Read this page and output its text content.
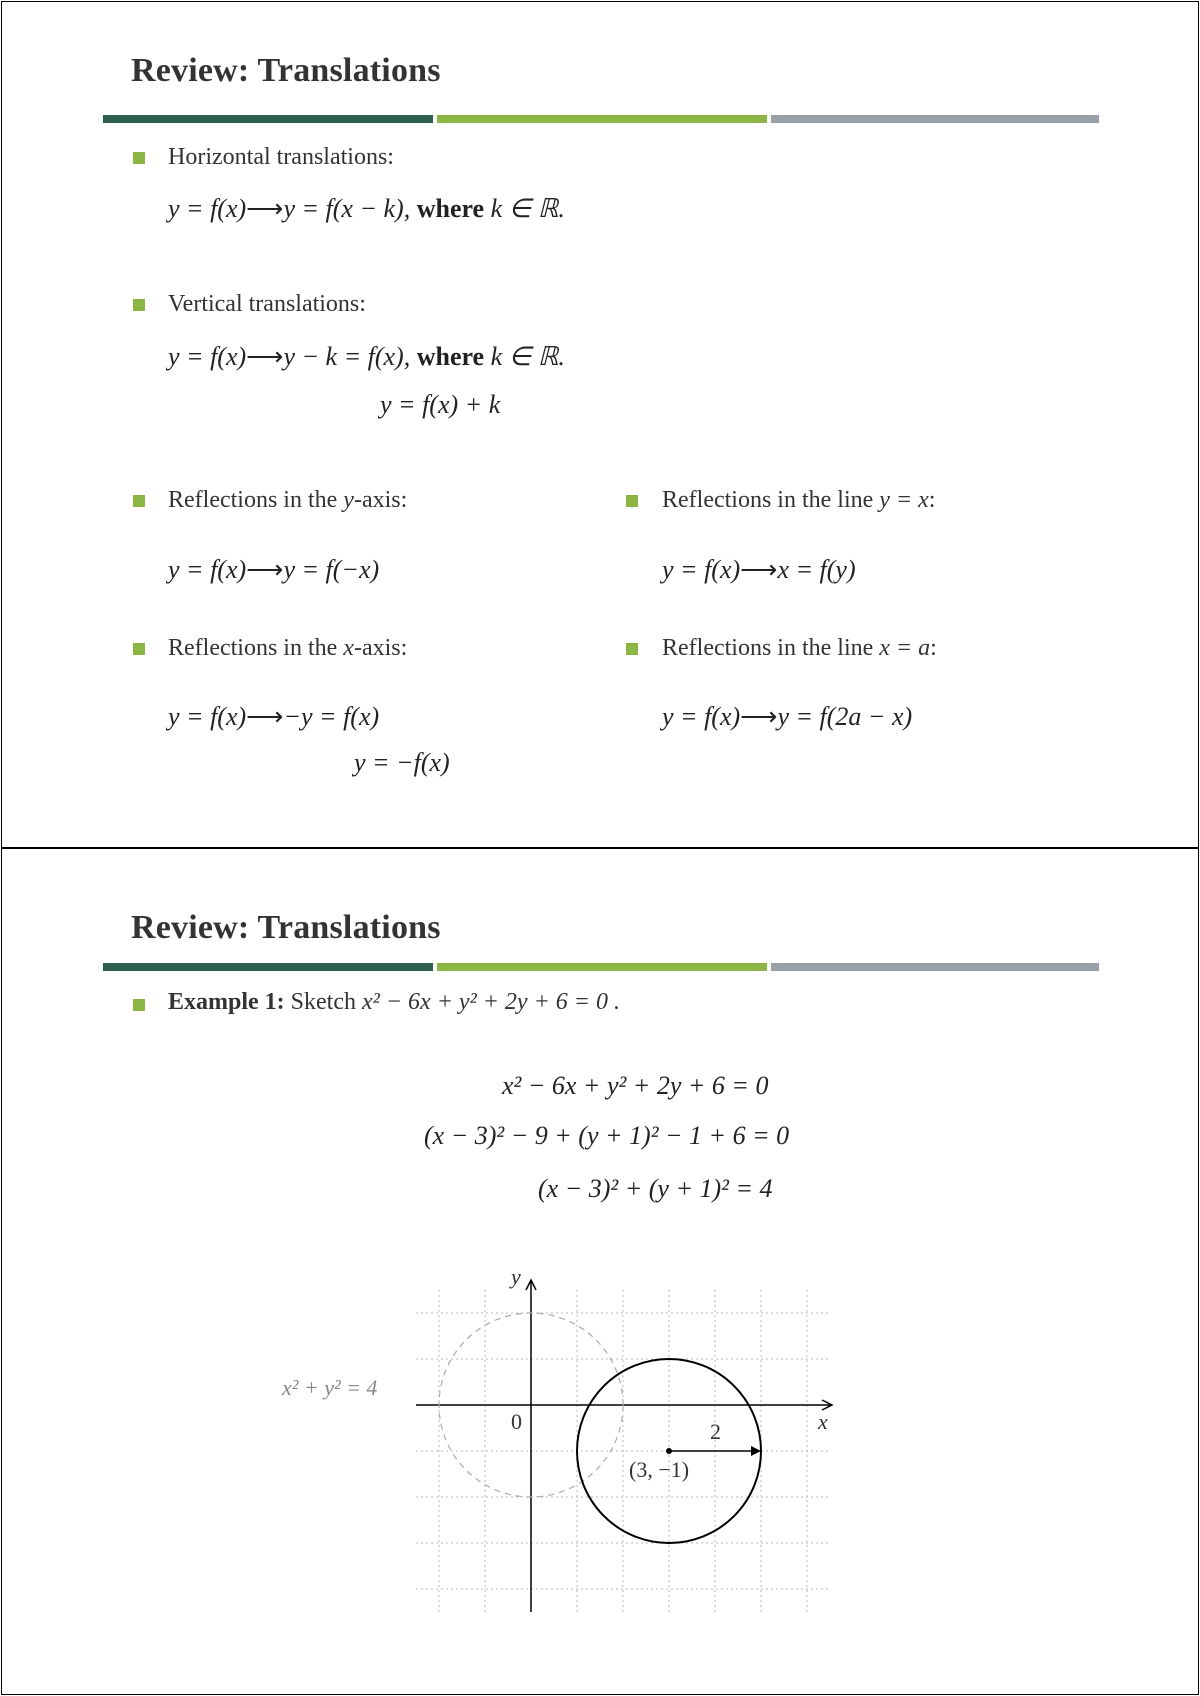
Review: Translations
Horizontal translations:
y = f(x)⟶y = f(x − k), where k ∈ ℝ.
Vertical translations:
y = f(x)⟶y − k = f(x), where k ∈ ℝ.
y = f(x) + k
Reflections in the y-axis:
y = f(x)⟶y = f(−x)
Reflections in the x-axis:
y = f(x)⟶−y = f(x)
y = −f(x)
Reflections in the line y = x:
y = f(x)⟶x = f(y)
Reflections in the line x = a:
y = f(x)⟶y = f(2a − x)
Review: Translations
Example 1: Sketch x² − 6x + y² + 2y + 6 = 0 .
x² − 6x + y² + 2y + 6 = 0
(x − 3)² − 9 + (y + 1)² − 1 + 6 = 0
(x − 3)² + (y + 1)² = 4
y
x
0
x² + y² = 4
2
(3, −1)
